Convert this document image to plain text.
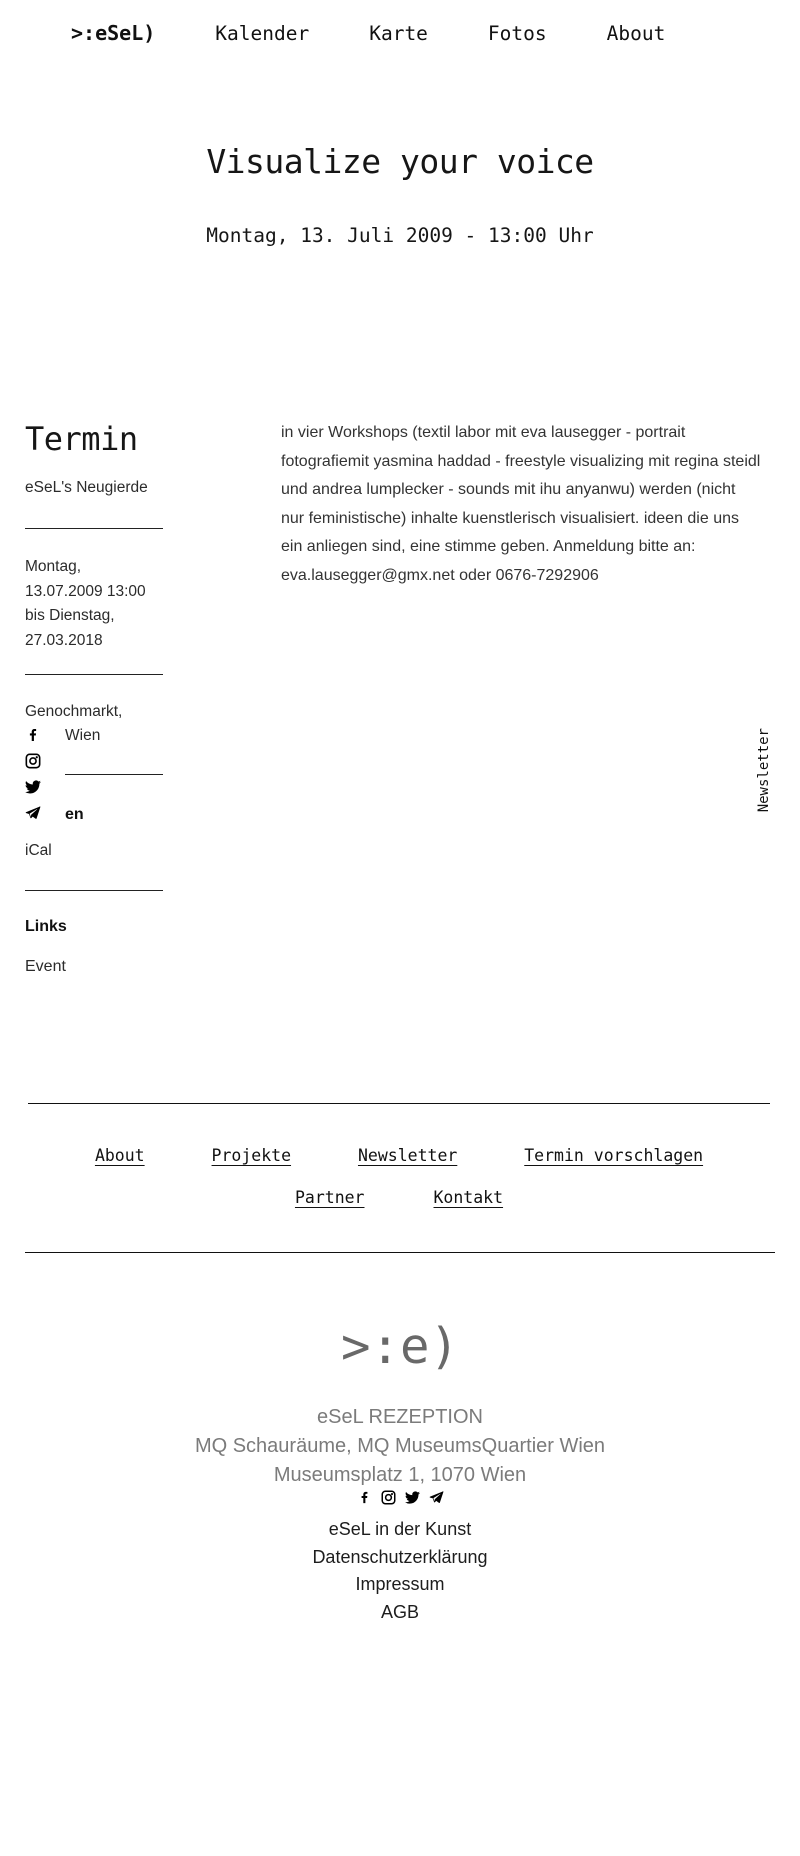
>:eSeL)	Kalender	Karte	Fotos	About
Visualize your voice
Montag, 13. Juli 2009 - 13:00 Uhr
Termin
eSeL's Neugierde
Montag,
13.07.2009 13:00
bis Dienstag,
27.03.2018
Genochmarkt,
Wien
en
iCal
Links
Event

in vier Workshops (textil labor mit eva lausegger - portrait fotografiemit yasmina haddad - freestyle visualizing mit regina steidl und andrea lumplecker - sounds mit ihu anyanwu) werden (nicht nur feministische) inhalte kuenstlerisch visualisiert. ideen die uns ein anliegen sind, eine stimme geben. Anmeldung bitte an: eva.lausegger@gmx.net oder 0676-7292906

Newsletter
About	Projekte	Newsletter	Termin vorschlagen
Partner	Kontakt
>:e)
eSeL REZEPTION
MQ Schauräume, MQ MuseumsQuartier Wien
Museumsplatz 1, 1070 Wien
eSeL in der Kunst
Datenschutzerklärung
Impressum
AGB
